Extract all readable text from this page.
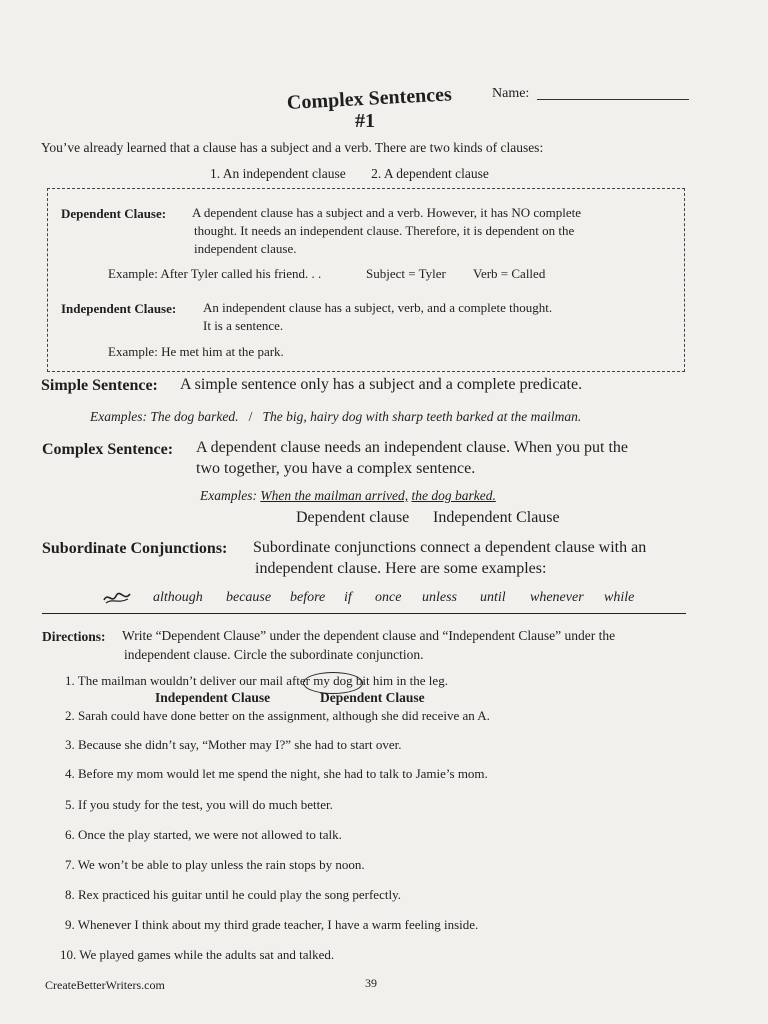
Name:
Complex Sentences
#1
You’ve already learned that a clause has a subject and a verb. There are two kinds of clauses:
1. An independent clause 2. A dependent clause
Dependent Clause: A dependent clause has a subject and a verb. However, it has NO complete
thought. It needs an independent clause. Therefore, it is dependent on the
independent clause.
Example: After Tyler called his friend. . .	Subject = Tyler Verb = Called
Independent Clause: An independent clause has a subject, verb, and a complete thought.
It is a sentence.
Example: He met him at the park.
Simple Sentence: A simple sentence only has a subject and a complete predicate.
Examples: The dog barked. / The big, hairy dog with sharp teeth barked at the mailman.
Complex Sentence: A dependent clause needs an independent clause. When you put the
two together, you have a complex sentence.
Examples: When the mailman arrived, the dog barked.
Dependent clause Independent Clause
Subordinate Conjunctions: Subordinate conjunctions connect a dependent clause with an
independent clause. Here are some examples:
although because before if once unless until whenever while
Directions: Write “Dependent Clause” under the dependent clause and “Independent Clause” under the
independent clause. Circle the subordinate conjunction.
1. The mailman wouldn’t deliver our mail after my dog bit him in the leg.
Independent Clause	Dependent Clause
2. Sarah could have done better on the assignment, although she did receive an A.
3. Because she didn’t say, “Mother may I?” she had to start over.
4. Before my mom would let me spend the night, she had to talk to Jamie’s mom.
5. If you study for the test, you will do much better.
6. Once the play started, we were not allowed to talk.
7. We won’t be able to play unless the rain stops by noon.
8. Rex practiced his guitar until he could play the song perfectly.
9. Whenever I think about my third grade teacher, I have a warm feeling inside.
10. We played games while the adults sat and talked.
CreateBetterWriters.com	39
